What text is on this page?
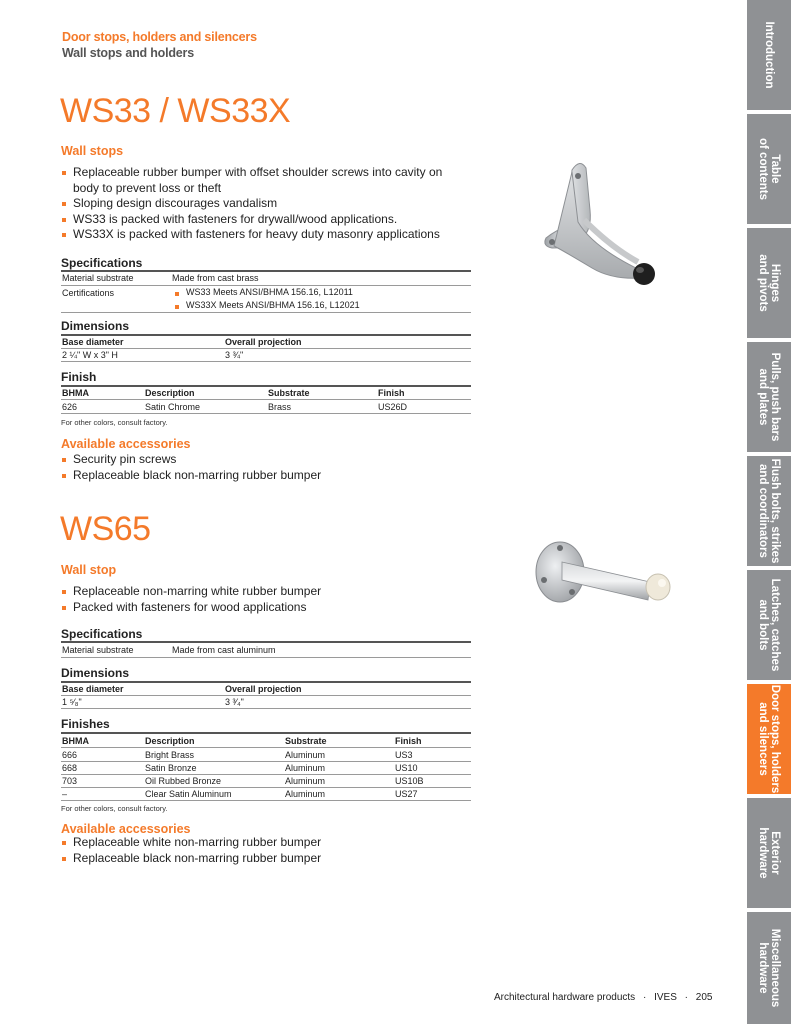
Door stops, holders and silencers
Wall stops and holders
WS33 / WS33X
Wall stops
Replaceable rubber bumper with offset shoulder screws into cavity on
body to prevent loss or theft
Sloping design discourages vandalism
WS33 is packed with fasteners for drywall/wood applications.
WS33X is packed with fasteners for heavy duty masonry applications
Specifications
Material substrate	Made from cast brass
Certifications	WS33 Meets ANSI/BHMA 156.16, L12011
WS33X Meets ANSI/BHMA 156.16, L12021
Dimensions
Base diameter	Overall projection
2 ¼" W x 3" H	3 ¾"
Finish
BHMA	Description	Substrate	Finish
626	Satin Chrome	Brass	US26D
For other colors, consult factory.
Available accessories
Security pin screws
Replaceable black non-marring rubber bumper
WS65
Wall stop
Replaceable non-marring white rubber bumper
Packed with fasteners for wood applications
Specifications
Material substrate	Made from cast aluminum
Dimensions
Base diameter	Overall projection
1 ⁵⁄₈"	3 ³⁄₄"
Finishes
BHMA	Description	Substrate	Finish
666	Bright Brass	Aluminum	US3
668	Satin Bronze	Aluminum	US10
703	Oil Rubbed Bronze	Aluminum	US10B
–	Clear Satin Aluminum	Aluminum	US27
For other colors, consult factory.
Available accessories
Replaceable white non-marring rubber bumper
Replaceable black non-marring rubber bumper
Introduction
Table
of contents
Hinges
and pivots
Pulls, push bars
and plates
Flush bolts, strikes
and coordinators
Latches, catches
and bolts
Door stops, holders
and silencers
Exterior
hardware
Miscellaneous
hardware
Architectural hardware products · IVES · 205
